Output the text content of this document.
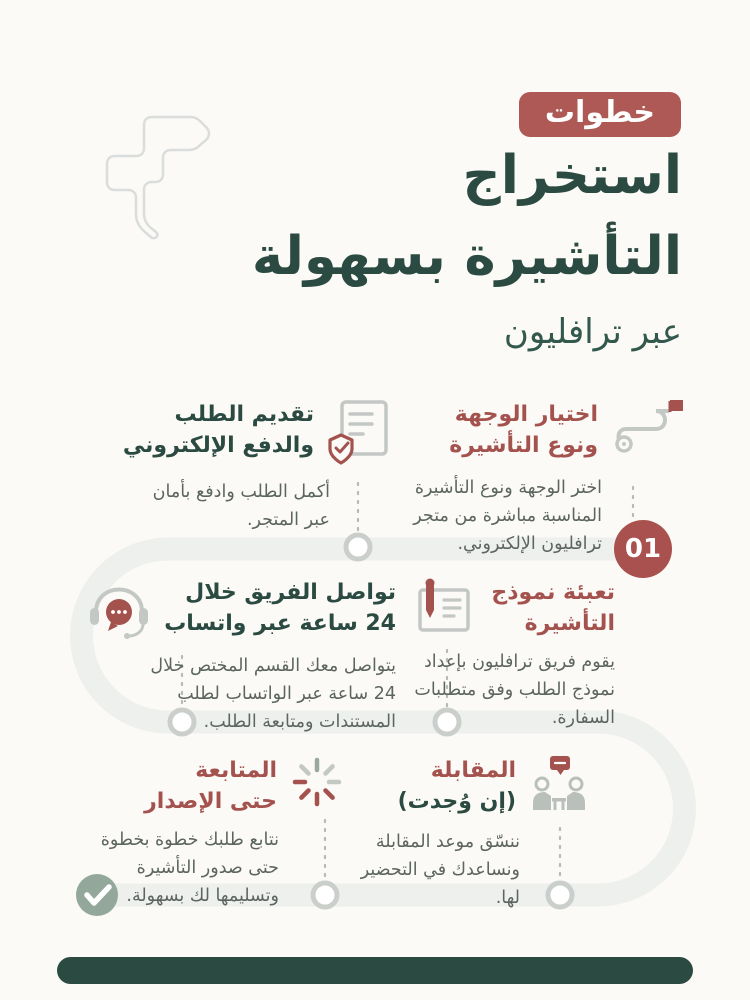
خطوات
استخراج
التأشيرة بسهولة
عبر ترافليون
اختيار الوجهة
ونوع التأشيرة
اختر الوجهة ونوع التأشيرة المناسبة مباشرة من متجر ترافليون الإلكتروني.
تقديم الطلب
والدفع الإلكتروني
أكمل الطلب وادفع بأمان عبر المتجر.
تعبئة نموذج
التأشيرة
يقوم فريق ترافليون بإعداد نموذج الطلب وفق متطلبات السفارة.
تواصل الفريق خلال
24 ساعة عبر واتساب
يتواصل معك القسم المختص خلال 24 ساعة عبر الواتساب لطلب المستندات ومتابعة الطلب.
المقابلة
(إن وُجدت)
ننسّق موعد المقابلة ونساعدك في التحضير لها.
المتابعة
حتى الإصدار
نتابع طلبك خطوة بخطوة حتى صدور التأشيرة وتسليمها لك بسهولة.
01
